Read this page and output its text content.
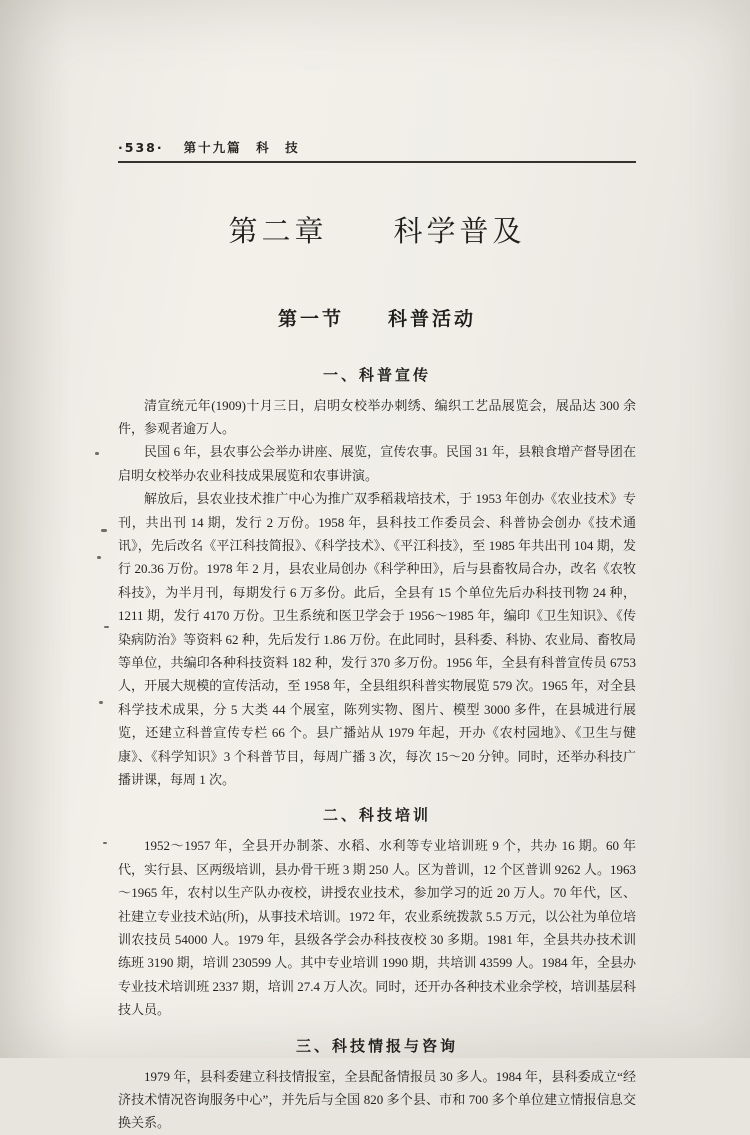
·538· 第十九篇　科　技
第二章　　科学普及
第一节　　科普活动
一、科普宣传

清宣统元年(1909)十月三日，启明女校举办刺绣、编织工艺品展览会，展品达 300 余件，参观者逾万人。

民国 6 年，县农事公会举办讲座、展览，宣传农事。民国 31 年，县粮食增产督导团在启明女校举办农业科技成果展览和农事讲演。

解放后，县农业技术推广中心为推广双季稻栽培技术，于 1953 年创办《农业技术》专刊，共出刊 14 期，发行 2 万份。1958 年，县科技工作委员会、科普协会创办《技术通讯》，先后改名《平江科技简报》、《科学技术》、《平江科技》，至 1985 年共出刊 104 期，发行 20.36 万份。1978 年 2 月，县农业局创办《科学种田》，后与县畜牧局合办，改名《农牧科技》，为半月刊，每期发行 6 万多份。此后，全县有 15 个单位先后办科技刊物 24 种，1211 期，发行 4170 万份。卫生系统和医卫学会于 1956～1985 年，编印《卫生知识》、《传染病防治》等资料 62 种，先后发行 1.86 万份。在此同时，县科委、科协、农业局、畜牧局等单位，共编印各种科技资料 182 种，发行 370 多万份。1956 年，全县有科普宣传员 6753 人，开展大规模的宣传活动，至 1958 年，全县组织科普实物展览 579 次。1965 年，对全县科学技术成果，分 5 大类 44 个展室，陈列实物、图片、模型 3000 多件，在县城进行展览，还建立科普宣传专栏 66 个。县广播站从 1979 年起，开办《农村园地》、《卫生与健康》、《科学知识》3 个科普节目，每周广播 3 次，每次 15～20 分钟。同时，还举办科技广播讲课，每周 1 次。

二、科技培训

1952～1957 年，全县开办制茶、水稻、水利等专业培训班 9 个，共办 16 期。60 年代，实行县、区两级培训，县办骨干班 3 期 250 人。区为普训，12 个区普训 9262 人。1963～1965 年，农村以生产队办夜校，讲授农业技术，参加学习的近 20 万人。70 年代，区、社建立专业技术站(所)，从事技术培训。1972 年，农业系统拨款 5.5 万元，以公社为单位培训农技员 54000 人。1979 年，县级各学会办科技夜校 30 多期。1981 年，全县共办技术训练班 3190 期，培训 230599 人。其中专业培训 1990 期，共培训 43599 人。1984 年，全县办专业技术培训班 2337 期，培训 27.4 万人次。同时，还开办各种技术业余学校，培训基层科技人员。

三、科技情报与咨询

1979 年，县科委建立科技情报室，全县配备情报员 30 多人。1984 年，县科委成立“经济技术情况咨询服务中心”，并先后与全国 820 多个县、市和 700 多个单位建立情报信息交换关系。
